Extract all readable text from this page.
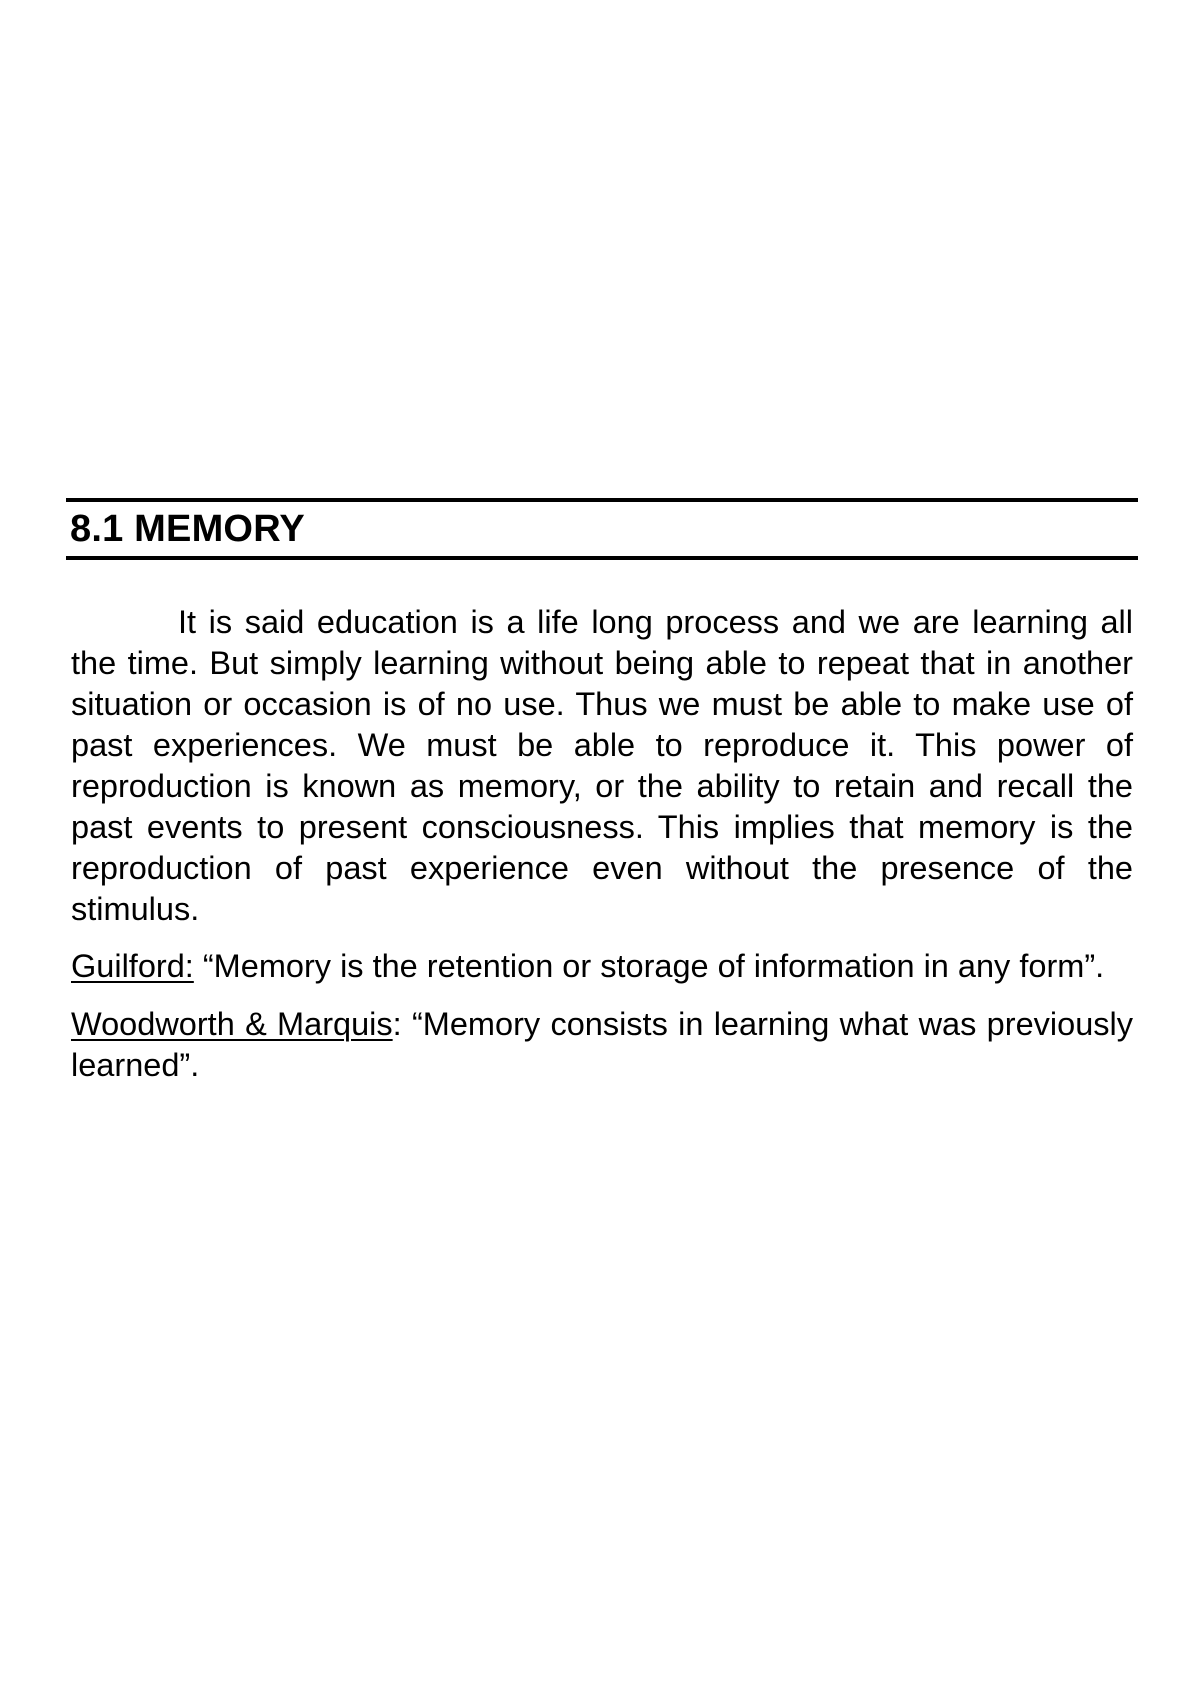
8.1 MEMORY

It is said education is a life long process and we are learning all the time. But simply learning without being able to repeat that in another situation or occasion is of no use. Thus we must be able to make use of past experiences. We must be able to reproduce it. This power of reproduction is known as memory, or the ability to retain and recall the past events to present consciousness. This implies that memory is the reproduction of past experience even without the presence of the stimulus.

Guilford: “Memory is the retention or storage of information in any form”.

Woodworth & Marquis: “Memory consists in learning what was previously learned”.
